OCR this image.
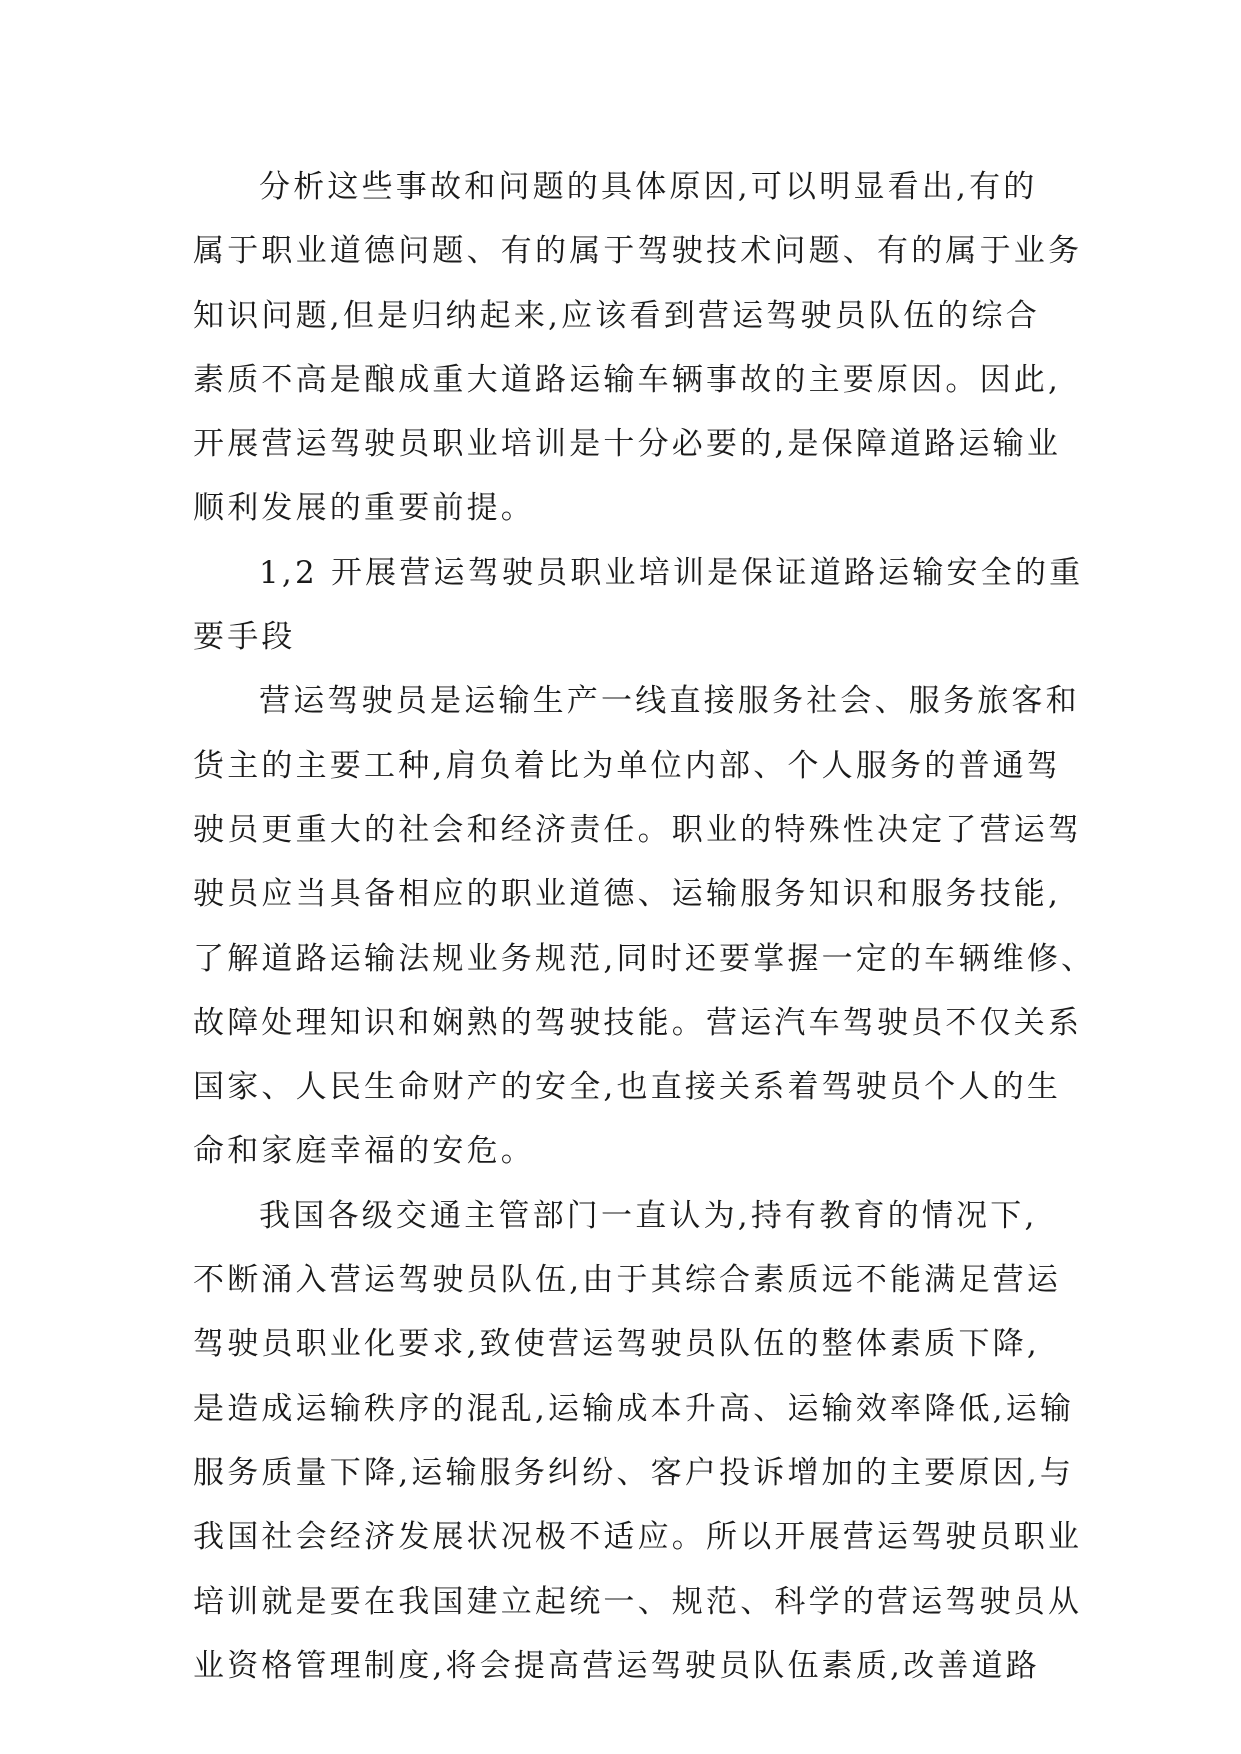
分析这些事故和问题的具体原因,可以明显看出,有的
属于职业道德问题、有的属于驾驶技术问题、有的属于业务
知识问题,但是归纳起来,应该看到营运驾驶员队伍的综合
素质不高是酿成重大道路运输车辆事故的主要原因。因此,
开展营运驾驶员职业培训是十分必要的,是保障道路运输业
顺利发展的重要前提。
1,2 开展营运驾驶员职业培训是保证道路运输安全的重
要手段
营运驾驶员是运输生产一线直接服务社会、服务旅客和
货主的主要工种,肩负着比为单位内部、个人服务的普通驾
驶员更重大的社会和经济责任。职业的特殊性决定了营运驾
驶员应当具备相应的职业道德、运输服务知识和服务技能,
了解道路运输法规业务规范,同时还要掌握一定的车辆维修、
故障处理知识和娴熟的驾驶技能。营运汽车驾驶员不仅关系
国家、人民生命财产的安全,也直接关系着驾驶员个人的生
命和家庭幸福的安危。
我国各级交通主管部门一直认为,持有教育的情况下,
不断涌入营运驾驶员队伍,由于其综合素质远不能满足营运
驾驶员职业化要求,致使营运驾驶员队伍的整体素质下降,
是造成运输秩序的混乱,运输成本升高、运输效率降低,运输
服务质量下降,运输服务纠纷、客户投诉增加的主要原因,与
我国社会经济发展状况极不适应。所以开展营运驾驶员职业
培训就是要在我国建立起统一、规范、科学的营运驾驶员从
业资格管理制度,将会提高营运驾驶员队伍素质,改善道路
